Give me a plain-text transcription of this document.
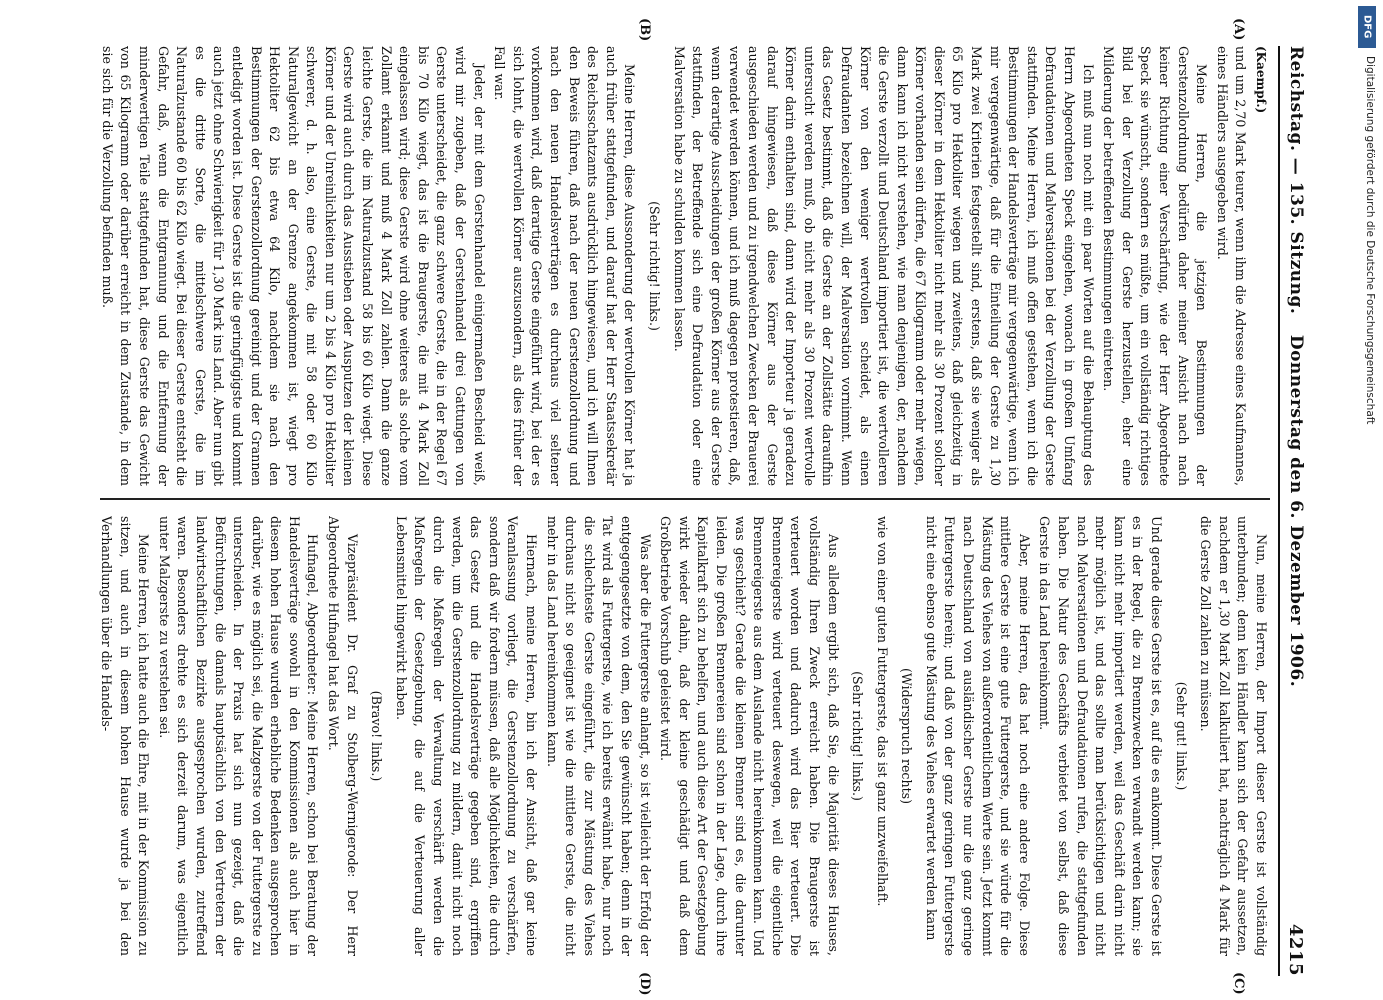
Reichstag. — 135. Sitzung.
Donnerstag den 6. Dezember 1906.
4215
(A)
(B)
(C)
(D)
(Kaempf.)

und um 2,70 Mark teurer, wenn ihm die Adresse eines Kaufmannes, eines Händlers ausgegeben wird.

Meine Herren, die jetzigen Bestimmungen der Gerstenzollordnung bedürfen daher meiner Ansicht nach nach keiner Richtung einer Verschärfung, wie der Herr Abgeordnete Speck sie wünscht, sondern es müßte, um ein vollständig richtiges Bild bei der Verzollung der Gerste herzustellen, eher eine Milderung der betreffenden Bestimmungen eintreten.

Ich muß nun noch mit ein paar Worten auf die Behauptung des Herrn Abgeordneten Speck eingehen, wonach in großem Umfang Defraudationen und Malversationen bei der Verzollung der Gerste stattfinden. Meine Herren, ich muß offen gestehen, wenn ich die Bestimmungen der Handelsverträge mir vergegenwärtige, wenn ich mir vergegenwärtige, daß für die Einteilung der Gerste zu 1,30 Mark zwei Kriterien festgestellt sind, erstens, daß sie weniger als 65 Kilo pro Hektoliter wiegen und zweitens, daß gleichzeitig in dieser Körner in dem Hektoliter nicht mehr als 30 Prozent solcher Körner vorhanden sein dürfen, die 67 Kilogramm oder mehr wiegen, dann kann ich nicht verstehen, wie man denjenigen, der, nachdem die Gerste verzollt und Deutschland importiert ist, die wertvolleren Körner von den weniger wertvollen scheidet, als einen Defraudanten bezeichnen will, der Malversation vornimmt. Wenn das Gesetz bestimmt, daß die Gerste an der Zollstätte daraufhin untersucht werden muß, ob nicht mehr als 30 Prozent wertvolle Körner darin enthalten sind, dann wird der Importeur ja geradezu darauf hingewiesen, daß diese Körner aus der Gerste ausgeschieden werden und zu irgendwelchen Zwecken der Brauerei verwendet werden können, und ich muß dagegen protestieren, daß, wenn derartige Ausscheidungen der großen Körner aus der Gerste stattfinden, der Betreffende sich eine Defraudation oder eine Malversation habe zu schulden kommen lassen.

(Sehr richtig! links.)

Meine Herren, diese Aussonderung der wertvollen Körner hat ja auch früher stattgefunden, und darauf hat der Herr Staatssekretär des Reichsschatzamts ausdrücklich hingewiesen, und ich will Ihnen den Beweis führen, daß nach der neuen Gerstenzollordnung und nach den neuen Handelsverträgen es durchaus viel seltener vorkommen wird, daß derartige Gerste eingeführt wird, bei der es sich lohnt, die wertvollen Körner auszusondern, als dies früher der Fall war.

Jeder, der mit dem Gerstenhandel einigermaßen Bescheid weiß, wird mir zugeben, daß der Gerstenhandel drei Gattungen von Gerste unterscheidet, die ganz schwere Gerste, die in der Regel 67 bis 70 Kilo wiegt, das ist die Braugerste, die mit 4 Mark Zoll eingelassen wird; diese Gerste wird ohne weiteres als solche vom Zollamt erkannt und muß 4 Mark Zoll zahlen. Dann die ganze leichte Gerste, die im Naturalzustand 58 bis 60 Kilo wiegt. Diese Gerste wird auch durch das Ausstieben oder Ausputzen der kleinen Körner und der Unreinlichkeiten nur um 2 bis 4 Kilo pro Hektoliter schwerer, d. h. also, eine Gerste, die mit 58 oder 60 Kilo Naturalgewicht an der Grenze angekommen ist, wiegt pro Hektoliter 62 bis etwa 64 Kilo, nachdem sie nach den Bestimmungen der Gerstenzollordnung gereinigt und der Grannen entledigt worden ist. Diese Gerste ist die geringfügigste und kommt auch jetzt ohne Schwierigkeit für 1,30 Mark ins Land. Aber nun gibt es die dritte Sorte, die mittelschwere Gerste, die im Naturalzustande 60 bis 62 Kilo wiegt. Bei dieser Gerste entsteht die Gefahr, daß, wenn die Entgrannung und die Entfernung der minderwertigen Teile stattgefunden hat, diese Gerste das Gewicht von 65 Kilogramm oder darüber erreicht in dem Zustande, in dem sie sich für die Verzollung befinden muß.

Nun, meine Herren, der Import dieser Gerste ist vollständig unterbunden; denn kein Händler kann sich der Gefahr aussetzen, nachdem er 1,30 Mark Zoll kalkuliert hat, nachträglich 4 Mark für die Gerste Zoll zahlen zu müssen.

(Sehr gut! links.)

Und gerade diese Gerste ist es, auf die es ankommt. Diese Gerste ist es in der Regel, die zu Brennzwecken verwandt werden kann; sie kann nicht mehr importiert werden, weil das Geschäft darin nicht mehr möglich ist, und das sollte man berücksichtigen und nicht nach Malversationen und Defraudationen rufen, die stattgefunden haben. Die Natur des Geschäfts verbietet von selbst, daß diese Gerste in das Land hereinkommt.

Aber, meine Herren, das hat noch eine andere Folge. Diese mittlere Gerste ist eine gute Futtergerste, und sie würde für die Mästung des Viehes von außerordentlichem Werte sein. Jetzt kommt nach Deutschland von ausländischer Gerste nur die ganz geringe Futtergerste herein; und daß von der ganz geringen Futtergerste nicht eine ebenso gute Mästung des Viehes erwartet werden kann

(Widerspruch rechts)

wie von einer guten Futtergerste, das ist ganz unzweifelhaft.

(Sehr richtig! links.)

Aus alledem ergibt sich, daß Sie, die Majorität dieses Hauses, vollständig Ihren Zweck erreicht haben. Die Braugerste ist verteuert worden und dadurch wird das Bier verteuert. Die Brennereigerste wird verteuert deswegen, weil die eigentliche Brennereigerste aus dem Auslande nicht hereinkommen kann. Und was geschieht? Gerade die kleinen Brenner sind es, die darunter leiden. Die großen Brennereien sind schon in der Lage, durch ihre Kapitalkraft sich zu behelfen, und auch diese Art der Gesetzgebung wirkt wieder dahin, daß der kleine geschädigt und daß dem Großbetriebe Vorschub geleistet wird.

Was aber die Futtergerste anlangt, so ist vielleicht der Erfolg der entgegengesetzte von dem, den Sie gewünscht haben; denn in der Tat wird als Futtergerste, wie ich bereits erwähnt habe, nur noch die schlechteste Gerste eingeführt, die zur Mästung des Viehes durchaus nicht so geeignet ist wie die mittlere Gerste, die nicht mehr in das Land hereinkommen kann.

Hiernach, meine Herren, bin ich der Ansicht, daß gar keine Veranlassung vorliegt, die Gerstenzollordnung zu verschärfen, sondern daß wir fordern müssen, daß alle Möglichkeiten, die durch das Gesetz und die Handelsverträge gegeben sind, ergriffen werden, um die Gerstenzollordnung zu mildern, damit nicht noch durch die Maßregeln der Verwaltung verschärft werden die Maßregeln der Gesetzgebung, die auf die Verteuerung aller Lebensmittel hingewirkt haben.

(Bravo! links.)

Vizepräsident Dr. Graf zu Stolberg-Wernigerode: Der Herr Abgeordnete Hufnagel hat das Wort.

Hufnagel, Abgeordneter: Meine Herren, schon bei Beratung der Handelsverträge sowohl in den Kommissionen als auch hier in diesem hohen Hause wurden erhebliche Bedenken ausgesprochen darüber, wie es möglich sei, die Malzgerste von der Futtergerste zu unterscheiden. In der Praxis hat sich nun gezeigt, daß die Befürchtungen, die damals hauptsächlich von den Vertretern der landwirtschaftlichen Bezirke ausgesprochen wurden, zutreffend waren. Besonders drehte es sich derzeit darum, was eigentlich unter Malzgerste zu verstehen sei.

Meine Herren, ich hatte auch die Ehre, mit in der Kommission zu sitzen, und auch in diesem hohen Hause wurde ja bei den Verhandlungen über die Handels-

DFG
Digitalisierung gefördert durch die Deutsche Forschungsgemeinschaft
